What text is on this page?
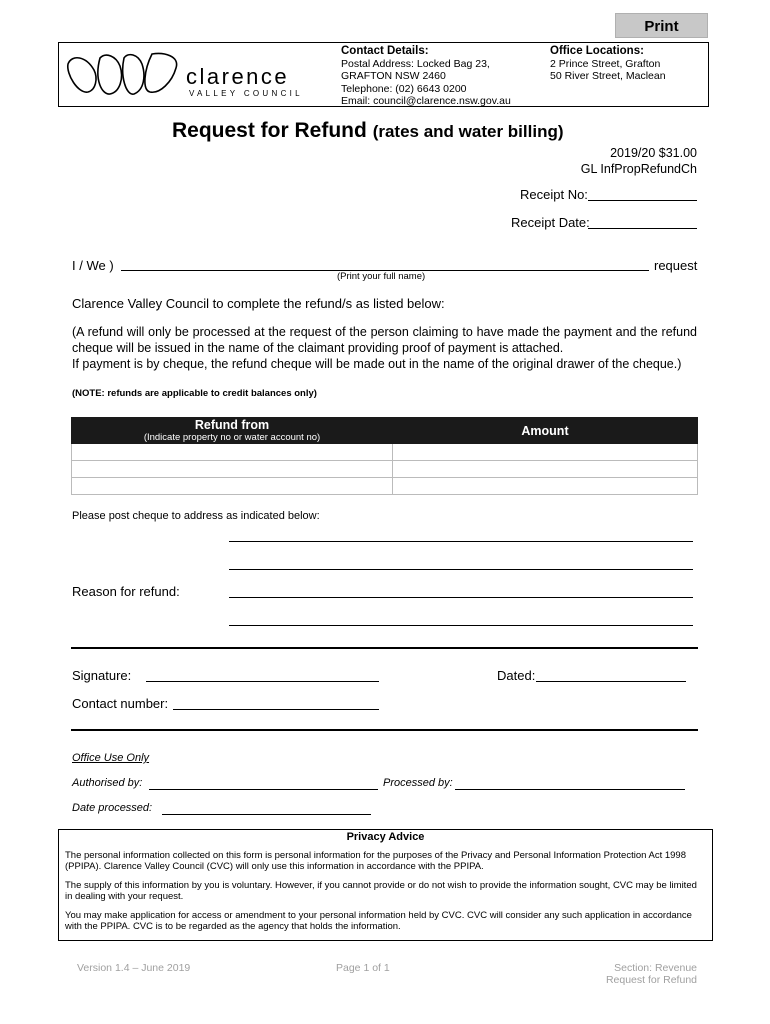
Print
clarence
VALLEY COUNCIL
Contact Details:
Postal Address: Locked Bag 23,
GRAFTON NSW 2460
Telephone: (02) 6643 0200
Email: council@clarence.nsw.gov.au
Office Locations:
2 Prince Street, Grafton
50 River Street, Maclean
Request for Refund (rates and water billing)
2019/20 $31.00
GL InfPropRefundCh
Receipt No:
Receipt Date:
I / We )	request
(Print your full name)
Clarence Valley Council to complete the refund/s as listed below:
(A refund will only be processed at the request of the person claiming to have made the payment and the refund cheque will be issued in the name of the claimant providing proof of payment is attached.
If payment is by cheque, the refund cheque will be made out in the name of the original drawer of the cheque.)
(NOTE: refunds are applicable to credit balances only)
Refund from
(Indicate property no or water account no)	Amount

Please post cheque to address as indicated below:
Reason for refund:
Signature:	Dated:
Contact number:
Office Use Only
Authorised by:	Processed by:
Date processed:
Privacy Advice

The personal information collected on this form is personal information for the purposes of the Privacy and Personal Information Protection Act 1998 (PPIPA). Clarence Valley Council (CVC) will only use this information in accordance with the PPIPA.

The supply of this information by you is voluntary. However, if you cannot provide or do not wish to provide the information sought, CVC may be limited in dealing with your request.

You may make application for access or amendment to your personal information held by CVC. CVC will consider any such application in accordance with the PPIPA. CVC is to be regarded as the agency that holds the information.

Version 1.4 – June 2019	Page 1 of 1	Section: Revenue
Request for Refund
